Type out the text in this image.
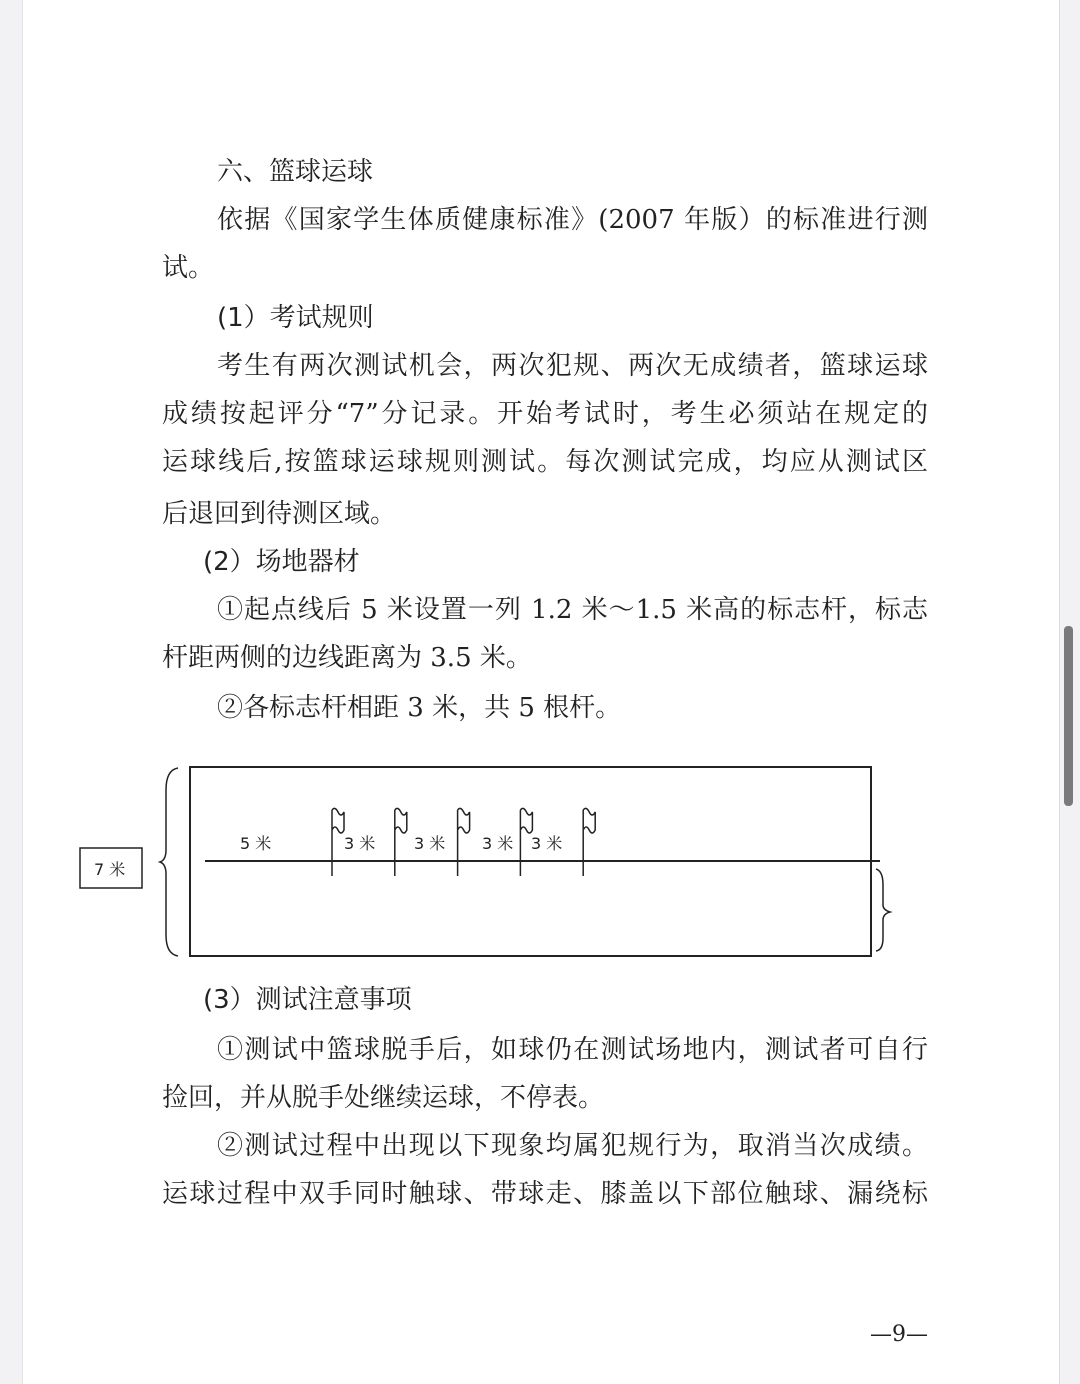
六、篮球运球
依据《国家学生体质健康标准》(2007 年版）的标准进行测
试。
(1）考试规则
考生有两次测试机会，两次犯规、两次无成绩者，篮球运球
成绩按起评分“7”分记录。开始考试时，考生必须站在规定的
运球线后,按篮球运球规则测试。每次测试完成，均应从测试区
后退回到待测区域。
(2）场地器材
①起点线后 5 米设置一列 1.2 米～1.5 米高的标志杆，标志
杆距两侧的边线距离为 3.5 米。
②各标志杆相距 3 米，共 5 根杆。
7 米
5 米	3 米 3 米 3 米 3 米
(3）测试注意事项
①测试中篮球脱手后，如球仍在测试场地内，测试者可自行
捡回，并从脱手处继续运球，不停表。
②测试过程中出现以下现象均属犯规行为，取消当次成绩。
运球过程中双手同时触球、带球走、膝盖以下部位触球、漏绕标
—9—
